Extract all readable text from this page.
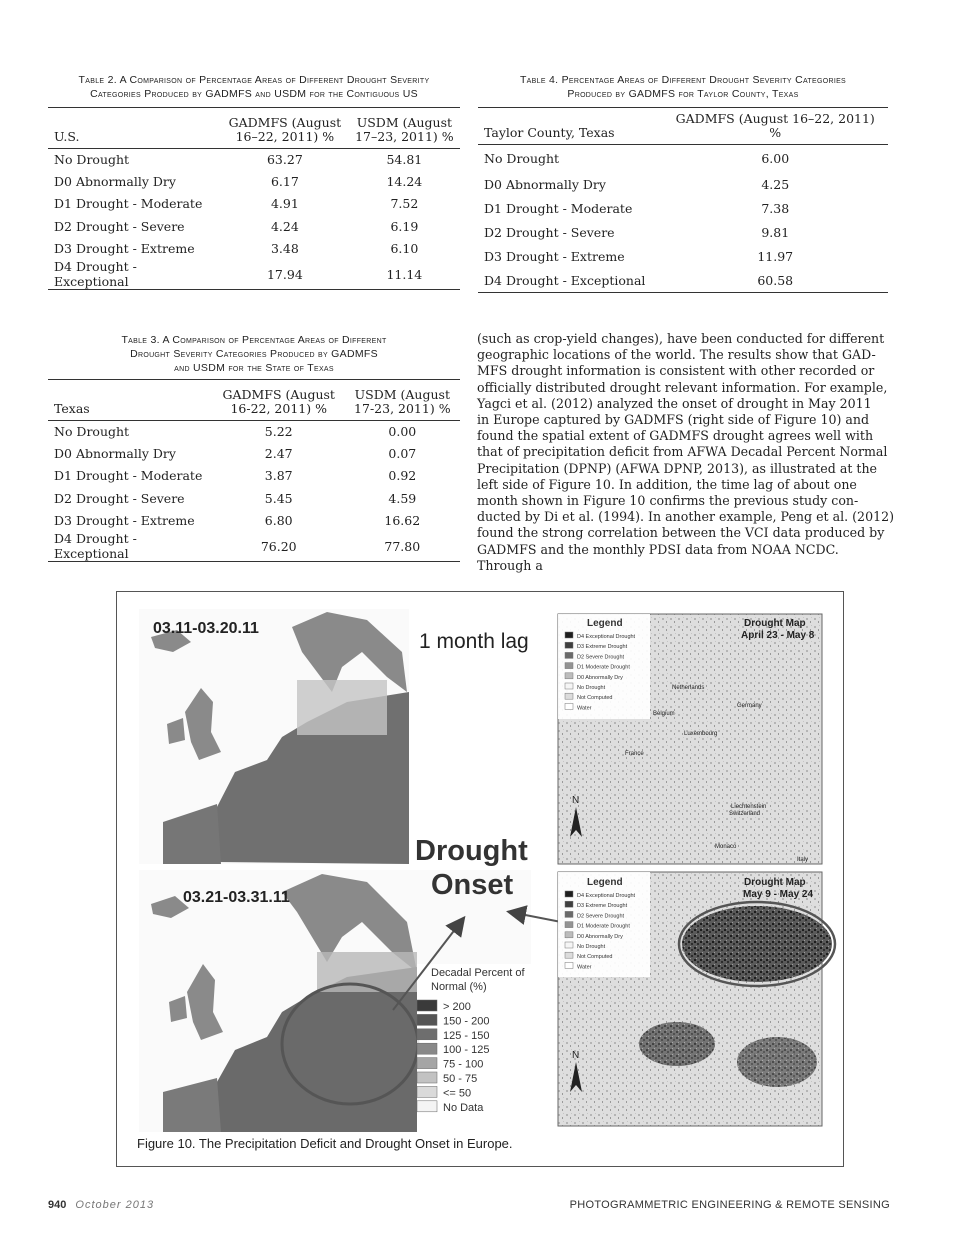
Table 2. A Comparison of Percentage Areas of Different Drought Severity
Categories Produced by GADMFS and USDM for the Contiguous US
U.S.	GADMFS (August 16–22, 2011) %	USDM (August 17–23, 2011) %
No Drought	63.27	54.81
D0 Abnormally Dry	6.17	14.24
D1 Drought - Moderate	4.91	7.52
D2 Drought - Severe	4.24	6.19
D3 Drought - Extreme	3.48	6.10
D4 Drought - Exceptional	17.94	11.14
Table 4. Percentage Areas of Different Drought Severity Categories
Produced by GADMFS for Taylor County, Texas
Taylor County, Texas	GADMFS (August 16–22, 2011) %
No Drought	6.00
D0 Abnormally Dry	4.25
D1 Drought - Moderate	7.38
D2 Drought - Severe	9.81
D3 Drought - Extreme	11.97
D4 Drought - Exceptional	60.58
Table 3. A Comparison of Percentage Areas of Different
Drought Severity Categories Produced by GADMFS
and USDM for the State of Texas
Texas	GADMFS (August 16-22, 2011) %	USDM (August 17-23, 2011) %
No Drought	5.22	0.00
D0 Abnormally Dry	2.47	0.07
D1 Drought - Moderate	3.87	0.92
D2 Drought - Severe	5.45	4.59
D3 Drought - Extreme	6.80	16.62
D4 Drought - Exceptional	76.20	77.80
(such as crop-yield changes), have been conducted for different
geographic locations of the world. The results show that GAD-
MFS drought information is consistent with other recorded or
officially distributed drought relevant information. For example,
Yagci et al. (2012) analyzed the onset of drought in May 2011
in Europe captured by GADMFS (right side of Figure 10) and
found the spatial extent of GADMFS drought agrees well with
that of precipitation deficit from AFWA Decadal Percent Normal
Precipitation (DPNP) (AFWA DPNP, 2013), as illustrated at the
left side of Figure 10. In addition, the time lag of about one
month shown in Figure 10 confirms the previous study con-
ducted by Di et al. (1994). In another example, Peng et al. (2012)
found the strong correlation between the VCI data produced by
GADMFS and the monthly PDSI data from NOAA NCDC. Through a
03.11-03.20.11
03.21-03.31.11
Decadal Percent of
Normal (%)
> 200
150 - 200
125 - 150
100 - 125
75 - 100
50 - 75
<= 50
No Data
1 month lag
Drought
Onset
Legend
D4 Exceptional Drought
D3 Extreme Drought
D2 Severe Drought
D1 Moderate Drought
D0 Abnormally Dry
No Drought
Not Computed
Water
Drought Map
April 23 - May 8
Netherlands
Belgium
Germany
Luxembourg
France
Liechtenstein
Switzerland
Monaco
Italy
N
Legend
D4 Exceptional Drought
D3 Extreme Drought
D2 Severe Drought
D1 Moderate Drought
D0 Abnormally Dry
No Drought
Not Computed
Water
Drought Map
May 9 - May 24
N
Figure 10. The Precipitation Deficit and Drought Onset in Europe.
940 October 2013	PHOTOGRAMMETRIC ENGINEERING & REMOTE SENSING
